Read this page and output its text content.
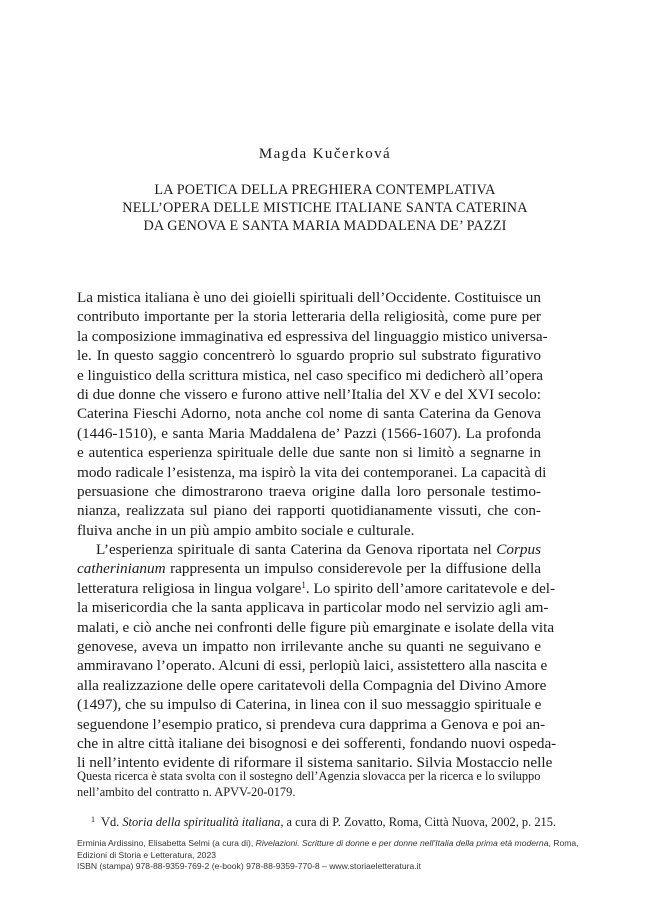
Magda Kučerková
LA POETICA DELLA PREGHIERA CONTEMPLATIVA
NELL’OPERA DELLE MISTICHE ITALIANE SANTA CATERINA
DA GENOVA E SANTA MARIA MADDALENA DE’ PAZZI
La mistica italiana è uno dei gioielli spirituali dell’Occidente. Costituisce un
contributo importante per la storia letteraria della religiosità, come pure per
la composizione immaginativa ed espressiva del linguaggio mistico universa-
le. In questo saggio concentrerò lo sguardo proprio sul substrato figurativo
e linguistico della scrittura mistica, nel caso specifico mi dedicherò all’opera
di due donne che vissero e furono attive nell’Italia del XV e del XVI secolo:
Caterina Fieschi Adorno, nota anche col nome di santa Caterina da Genova
(1446-1510), e santa Maria Maddalena de’ Pazzi (1566-1607). La profonda
e autentica esperienza spirituale delle due sante non si limitò a segnarne in
modo radicale l’esistenza, ma ispirò la vita dei contemporanei. La capacità di
persuasione che dimostrarono traeva origine dalla loro personale testimo-
nianza, realizzata sul piano dei rapporti quotidianamente vissuti, che con-
fluiva anche in un più ampio ambito sociale e culturale.
L’esperienza spirituale di santa Caterina da Genova riportata nel Corpus
catherinianum rappresenta un impulso considerevole per la diffusione della
letteratura religiosa in lingua volgare$^1$. Lo spirito dell’amore caritatevole e del-
la misericordia che la santa applicava in particolar modo nel servizio agli am-
malati, e ciò anche nei confronti delle figure più emarginate e isolate della vita
genovese, aveva un impatto non irrilevante anche su quanti ne seguivano e
ammiravano l’operato. Alcuni di essi, perlopiù laici, assistettero alla nascita e
alla realizzazione delle opere caritatevoli della Compagnia del Divino Amore
(1497), che su impulso di Caterina, in linea con il suo messaggio spirituale e
seguendone l’esempio pratico, si prendeva cura dapprima a Genova e poi an-
che in altre città italiane dei bisognosi e dei sofferenti, fondando nuovi ospeda-
li nell’intento evidente di riformare il sistema sanitario. Silvia Mostaccio nelle
Questa ricerca è stata svolta con il sostegno dell’Agenzia slovacca per la ricerca e lo sviluppo
nell’ambito del contratto n. APVV-20-0179.
$^1$ Vd. Storia della spiritualità italiana, a cura di P. Zovatto, Roma, Città Nuova, 2002, p. 215.
Erminia Ardissino, Elisabetta Selmi (a cura di), Rivelazioni. Scritture di donne e per donne nell’Italia della prima età moderna, Roma,
Edizioni di Storia e Letteratura, 2023
ISBN (stampa) 978-88-9359-769-2 (e-book) 978-88-9359-770-8 – www.storiaeletteratura.it
